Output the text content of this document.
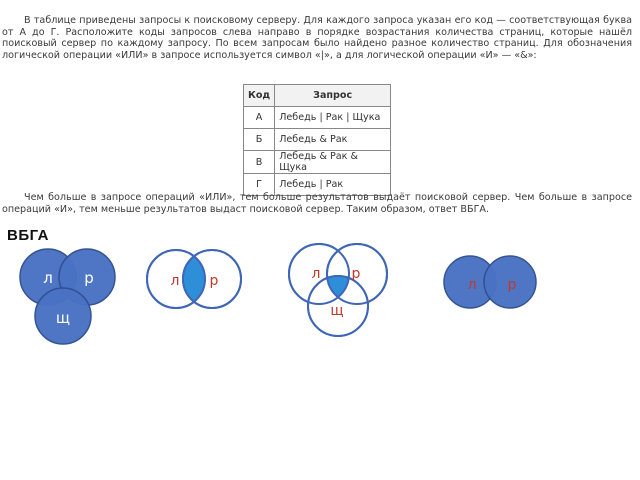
В таблице приведены запросы к поисковому серверу. Для каждого запроса указан его код — соответствующая буква от А до Г. Расположите коды запросов слева направо в порядке возрастания количества страниц, которые нашёл поисковый сервер по каждому запросу. По всем запросам было найдено разное количество страниц. Для обозначения логической операции «ИЛИ» в запросе используется символ «|», а для логической операции «И» — «&»:

Код	Запрос
А	Лебедь | Рак | Щука
Б	Лебедь & Рак
В	Лебедь & Рак & Щука
Г	Лебедь | Рак

Чем больше в запросе операций «ИЛИ», тем больше результатов выдаёт поисковой сервер. Чем больше в запросе операций «И», тем меньше результатов выдаст поисковой сервер. Таким образом, ответ ВБГА.

ВБГА
л р
щ
л р	л р
щ
л р
